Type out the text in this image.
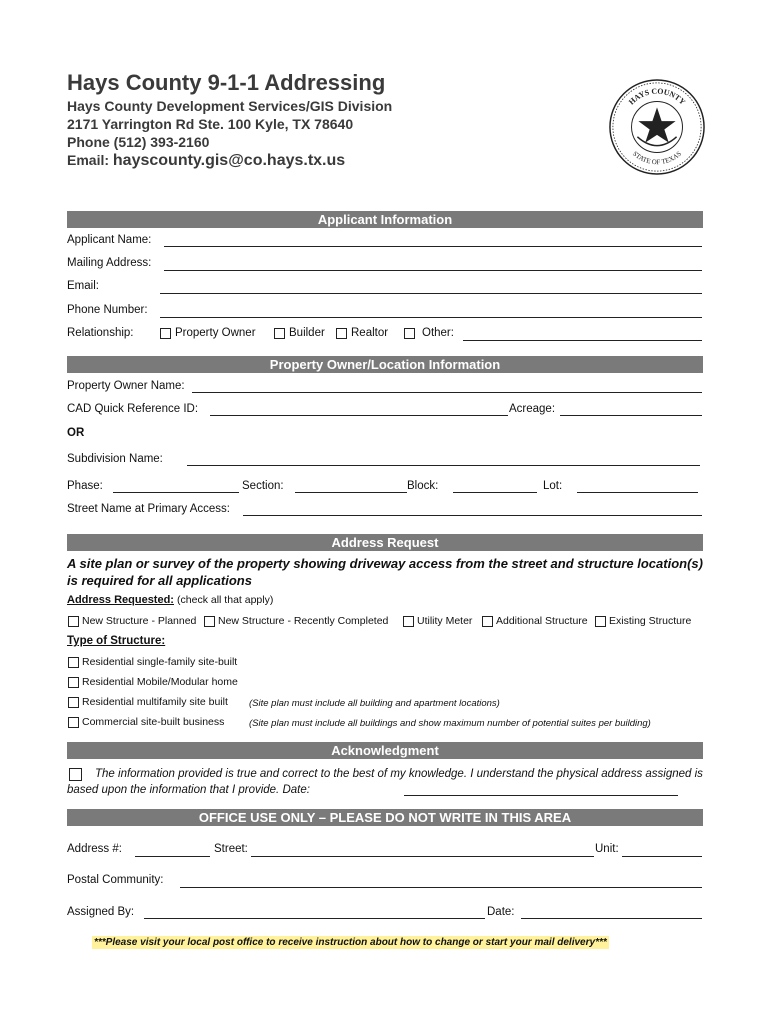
Hays County 9-1-1 Addressing
Hays County Development Services/GIS Division
2171 Yarrington Rd Ste. 100 Kyle, TX 78640
Phone (512) 393-2160
Email: hayscounty.gis@co.hays.tx.us
HAYS COUNTY
STATE OF TEXAS
Applicant Information
Applicant Name:
Mailing Address:
Email:
Phone Number:
Relationship:	Property Owner	Builder Realtor	Other:
Property Owner/Location Information
Property Owner Name:
CAD Quick Reference ID:	Acreage:
OR
Subdivision Name:
Phase:	Section:	Block:	Lot:
Street Name at Primary Access:
Address Request
A site plan or survey of the property showing driveway access from the street and structure location(s) is required for all applications
Address Requested: (check all that apply)
New Structure - Planned New Structure - Recently Completed	Utility Meter Additional Structure Existing Structure
Type of Structure:
Residential single-family site-built
Residential Mobile/Modular home
Residential multifamily site built (Site plan must include all building and apartment locations)
Commercial site-built business	(Site plan must include all buildings and show maximum number of potential suites per building)
Acknowledgment
The information provided is true and correct to the best of my knowledge. I understand the physical address assigned is based upon the information that I provide. Date:
OFFICE USE ONLY – PLEASE DO NOT WRITE IN THIS AREA
Address #:	Street:	Unit:
Postal Community:
Assigned By:	Date:
***Please visit your local post office to receive instruction about how to change or start your mail delivery***
